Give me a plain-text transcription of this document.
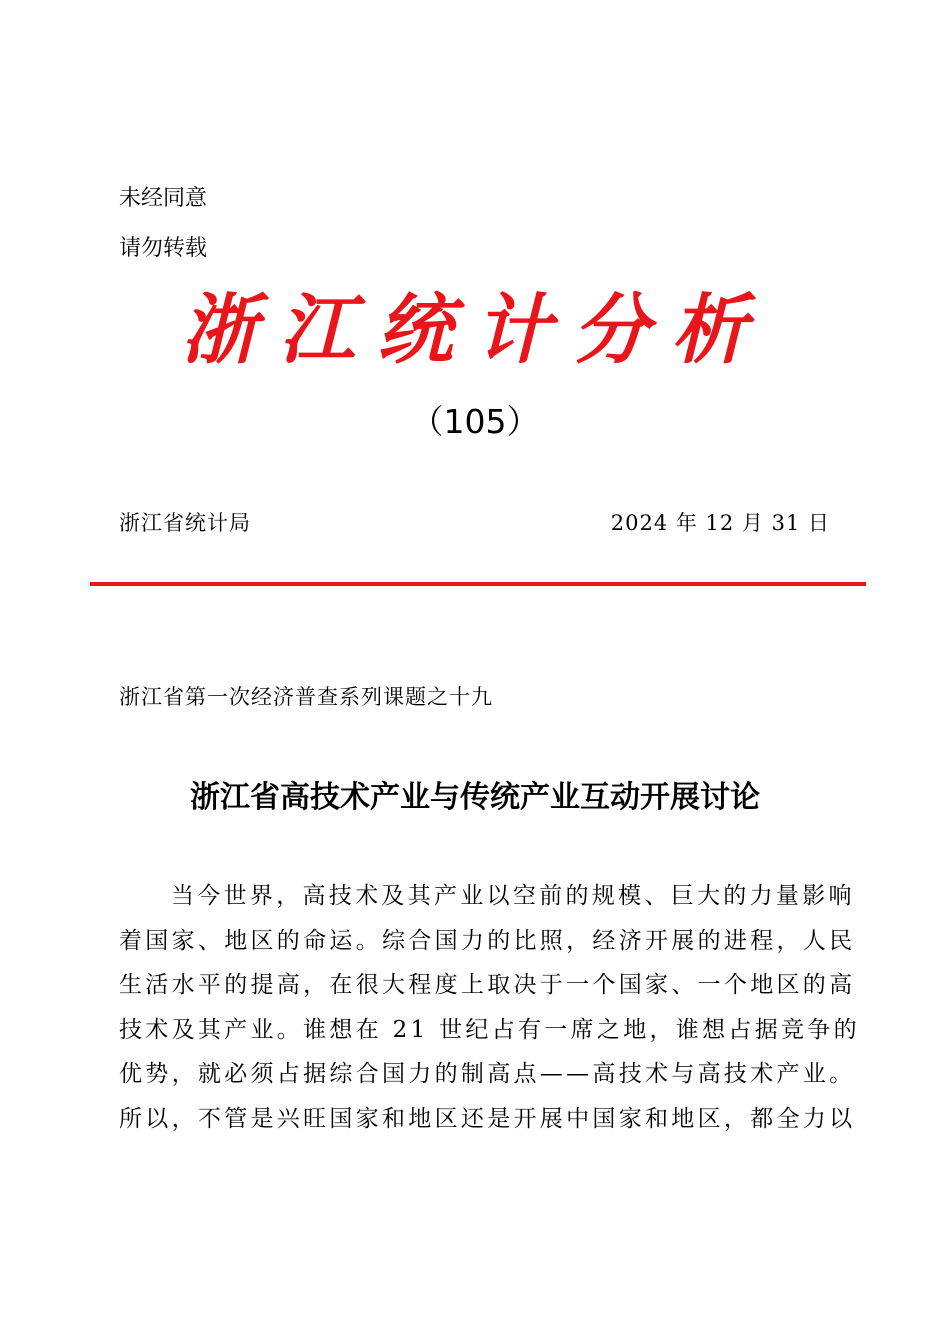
未经同意
请勿转载
浙江统计分析
（105）
浙江省统计局	2024 年 12 月 31 日
浙江省第一次经济普查系列课题之十九
浙江省高技术产业与传统产业互动开展讨论
当今世界，高技术及其产业以空前的规模、巨大的力量影响
着国家、地区的命运。综合国力的比照，经济开展的进程，人民
生活水平的提高，在很大程度上取决于一个国家、一个地区的高
技术及其产业。谁想在 21 世纪占有一席之地，谁想占据竞争的
优势，就必须占据综合国力的制高点——高技术与高技术产业。
所以，不管是兴旺国家和地区还是开展中国家和地区，都全力以
